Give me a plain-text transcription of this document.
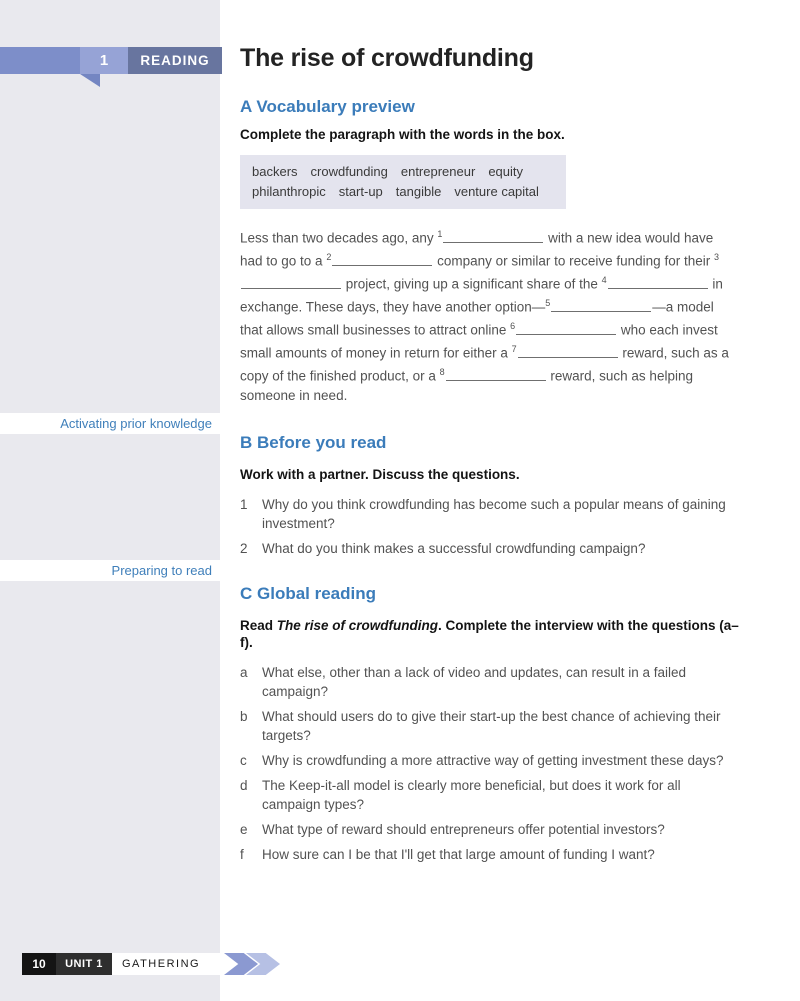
1	READING
Activating prior knowledge
Preparing to read
The rise of crowdfunding
A Vocabulary preview
Complete the paragraph with the words in the box.
backers crowdfunding entrepreneur equity
philanthropic start-up tangible venture capital
Less than two decades ago, any $^1$	with a new idea would have had to go to a $^2$	company or similar to receive funding for their $^3$ project, giving up a significant share of the $^4$	in exchange. These days, they have another option—$^5$	—a model that allows small businesses to attract online $^6$	who each invest small amounts of money in return for either a $^7$	reward, such as a copy of the finished product, or a $^8$	reward, such as helping someone in need.
B Before you read
Work with a partner. Discuss the questions.
1	Why do you think crowdfunding has become such a popular means of gaining investment?
2	What do you think makes a successful crowdfunding campaign?
C Global reading
Read The rise of crowdfunding. Complete the interview with the questions (a–f).
a	What else, other than a lack of video and updates, can result in a failed campaign?
b	What should users do to give their start-up the best chance of achieving their targets?
c	Why is crowdfunding a more attractive way of getting investment these days?
d	The Keep-it-all model is clearly more beneficial, but does it work for all campaign types?
e	What type of reward should entrepreneurs offer potential investors?
f	How sure can I be that I'll get that large amount of funding I want?
10	UNIT 1	GATHERING
